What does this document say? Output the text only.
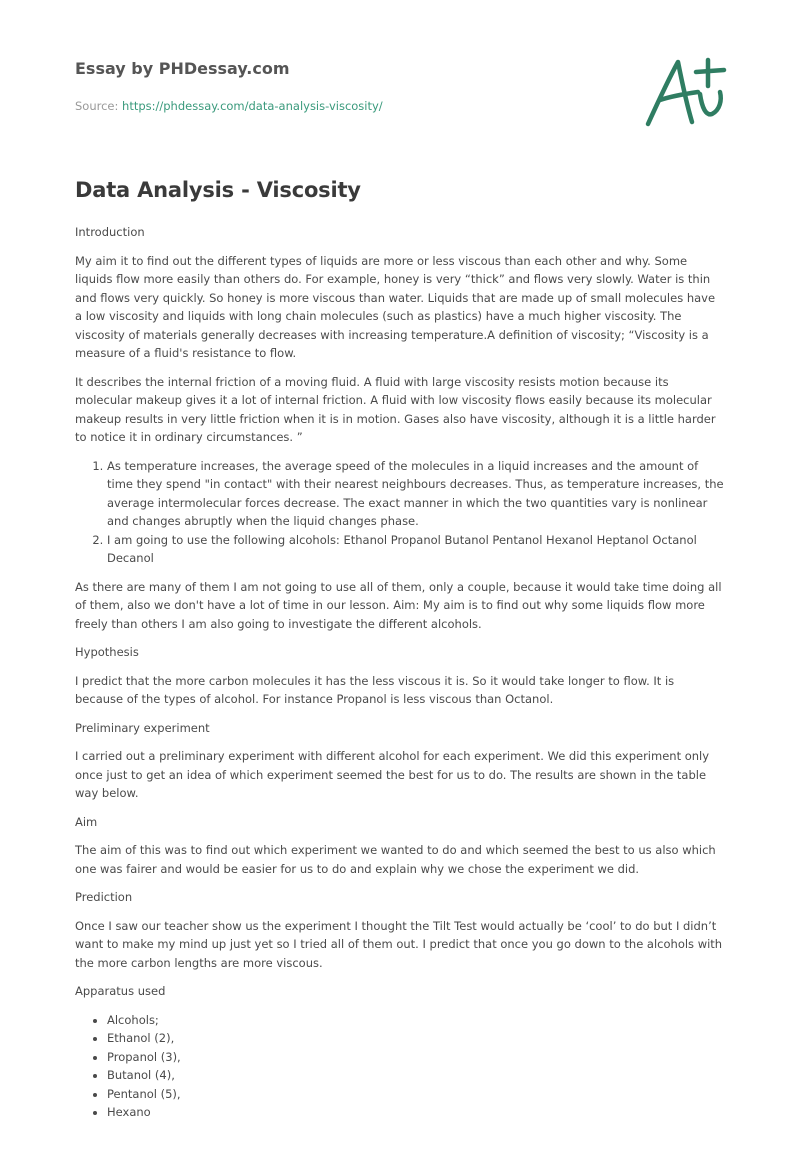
Essay by PHDessay.com

Source: https://phdessay.com/data-analysis-viscosity/
Data Analysis - Viscosity

Introduction

My aim it to find out the different types of liquids are more or less viscous than each other and why. Some liquids flow more easily than others do. For example, honey is very “thick” and flows very slowly. Water is thin and flows very quickly. So honey is more viscous than water. Liquids that are made up of small molecules have a low viscosity and liquids with long chain molecules (such as plastics) have a much higher viscosity. The viscosity of materials generally decreases with increasing temperature.A definition of viscosity; “Viscosity is a measure of a fluid's resistance to flow.

It describes the internal friction of a moving fluid. A fluid with large viscosity resists motion because its molecular makeup gives it a lot of internal friction. A fluid with low viscosity flows easily because its molecular makeup results in very little friction when it is in motion. Gases also have viscosity, although it is a little harder to notice it in ordinary circumstances. ”

1. As temperature increases, the average speed of the molecules in a liquid increases and the amount of time they spend "in contact" with their nearest neighbours decreases. Thus, as temperature increases, the average intermolecular forces decrease. The exact manner in which the two quantities vary is nonlinear and changes abruptly when the liquid changes phase.
2. I am going to use the following alcohols: Ethanol Propanol Butanol Pentanol Hexanol Heptanol Octanol Decanol

As there are many of them I am not going to use all of them, only a couple, because it would take time doing all of them, also we don't have a lot of time in our lesson. Aim: My aim is to find out why some liquids flow more freely than others I am also going to investigate the different alcohols.

Hypothesis

I predict that the more carbon molecules it has the less viscous it is. So it would take longer to flow. It is because of the types of alcohol. For instance Propanol is less viscous than Octanol.

Preliminary experiment

I carried out a preliminary experiment with different alcohol for each experiment. We did this experiment only once just to get an idea of which experiment seemed the best for us to do. The results are shown in the table way below.

Aim

The aim of this was to find out which experiment we wanted to do and which seemed the best to us also which one was fairer and would be easier for us to do and explain why we chose the experiment we did.

Prediction

Once I saw our teacher show us the experiment I thought the Tilt Test would actually be ‘cool’ to do but I didn’t want to make my mind up just yet so I tried all of them out. I predict that once you go down to the alcohols with the more carbon lengths are more viscous.

Apparatus used

• Alcohols;
• Ethanol (2),
• Propanol (3),
• Butanol (4),
• Pentanol (5),
• Hexano
